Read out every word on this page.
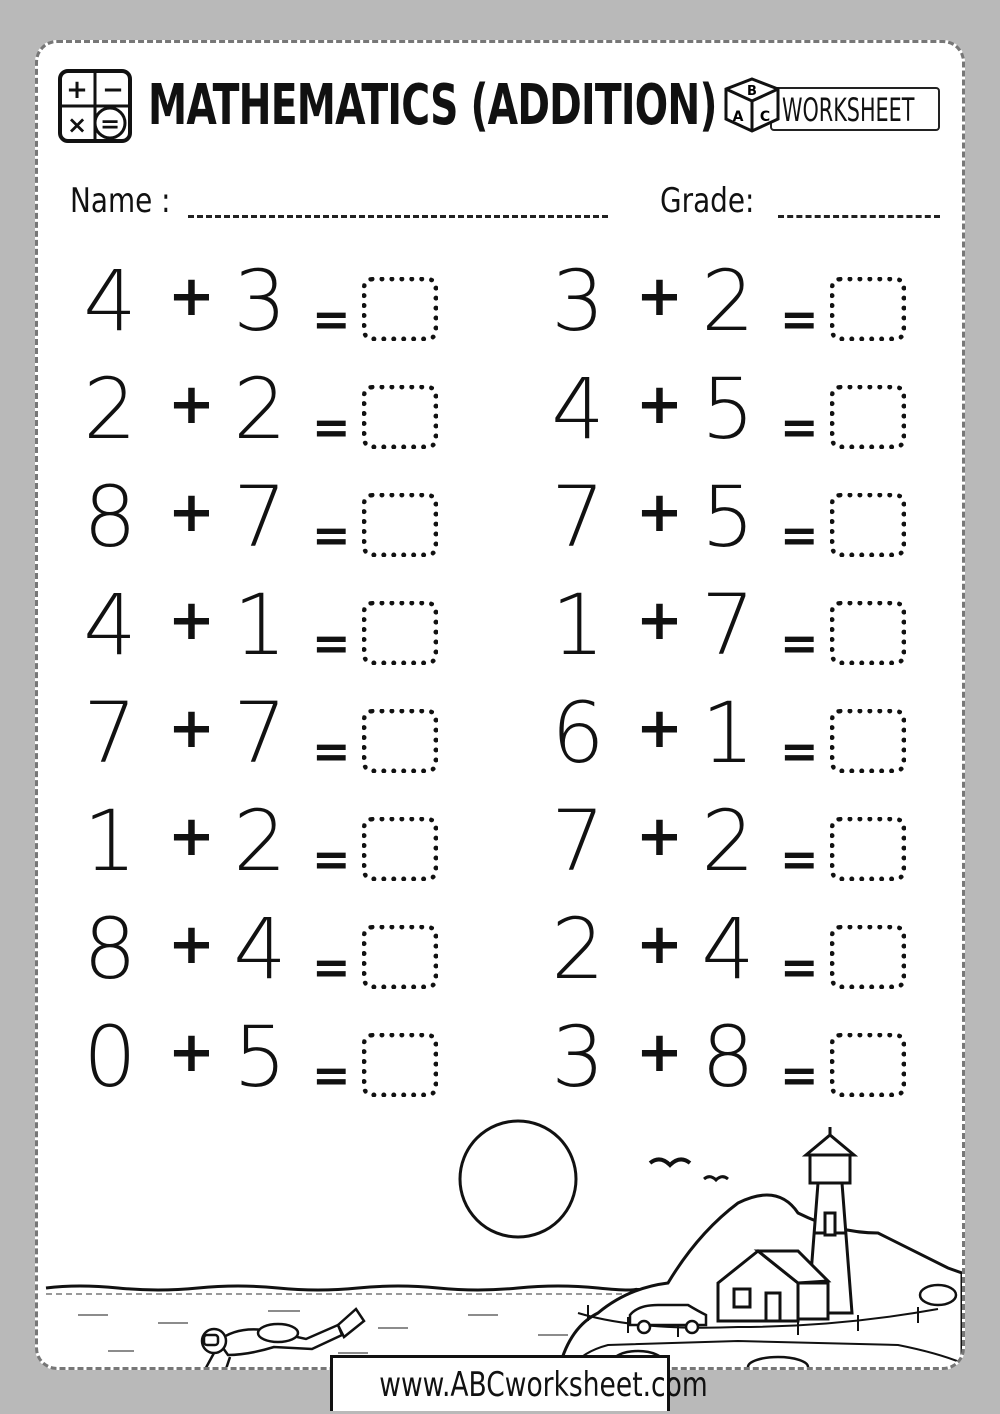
+ −
× = MATHEMATICS (ADDITION) B
A C WORKSHEET
Name :	Grade:
4 + 3 =
2 + 2 =
8 + 7 =
4 + 1 =
7 + 7 =
1 + 2 =
8 + 4 =
0 + 5 =
3 + 2 =
4 + 5 =
7 + 5 =
1 + 7 =
6 + 1 =
7 + 2 =
2 + 4 =
3 + 8 =
www.ABCworksheet.com
